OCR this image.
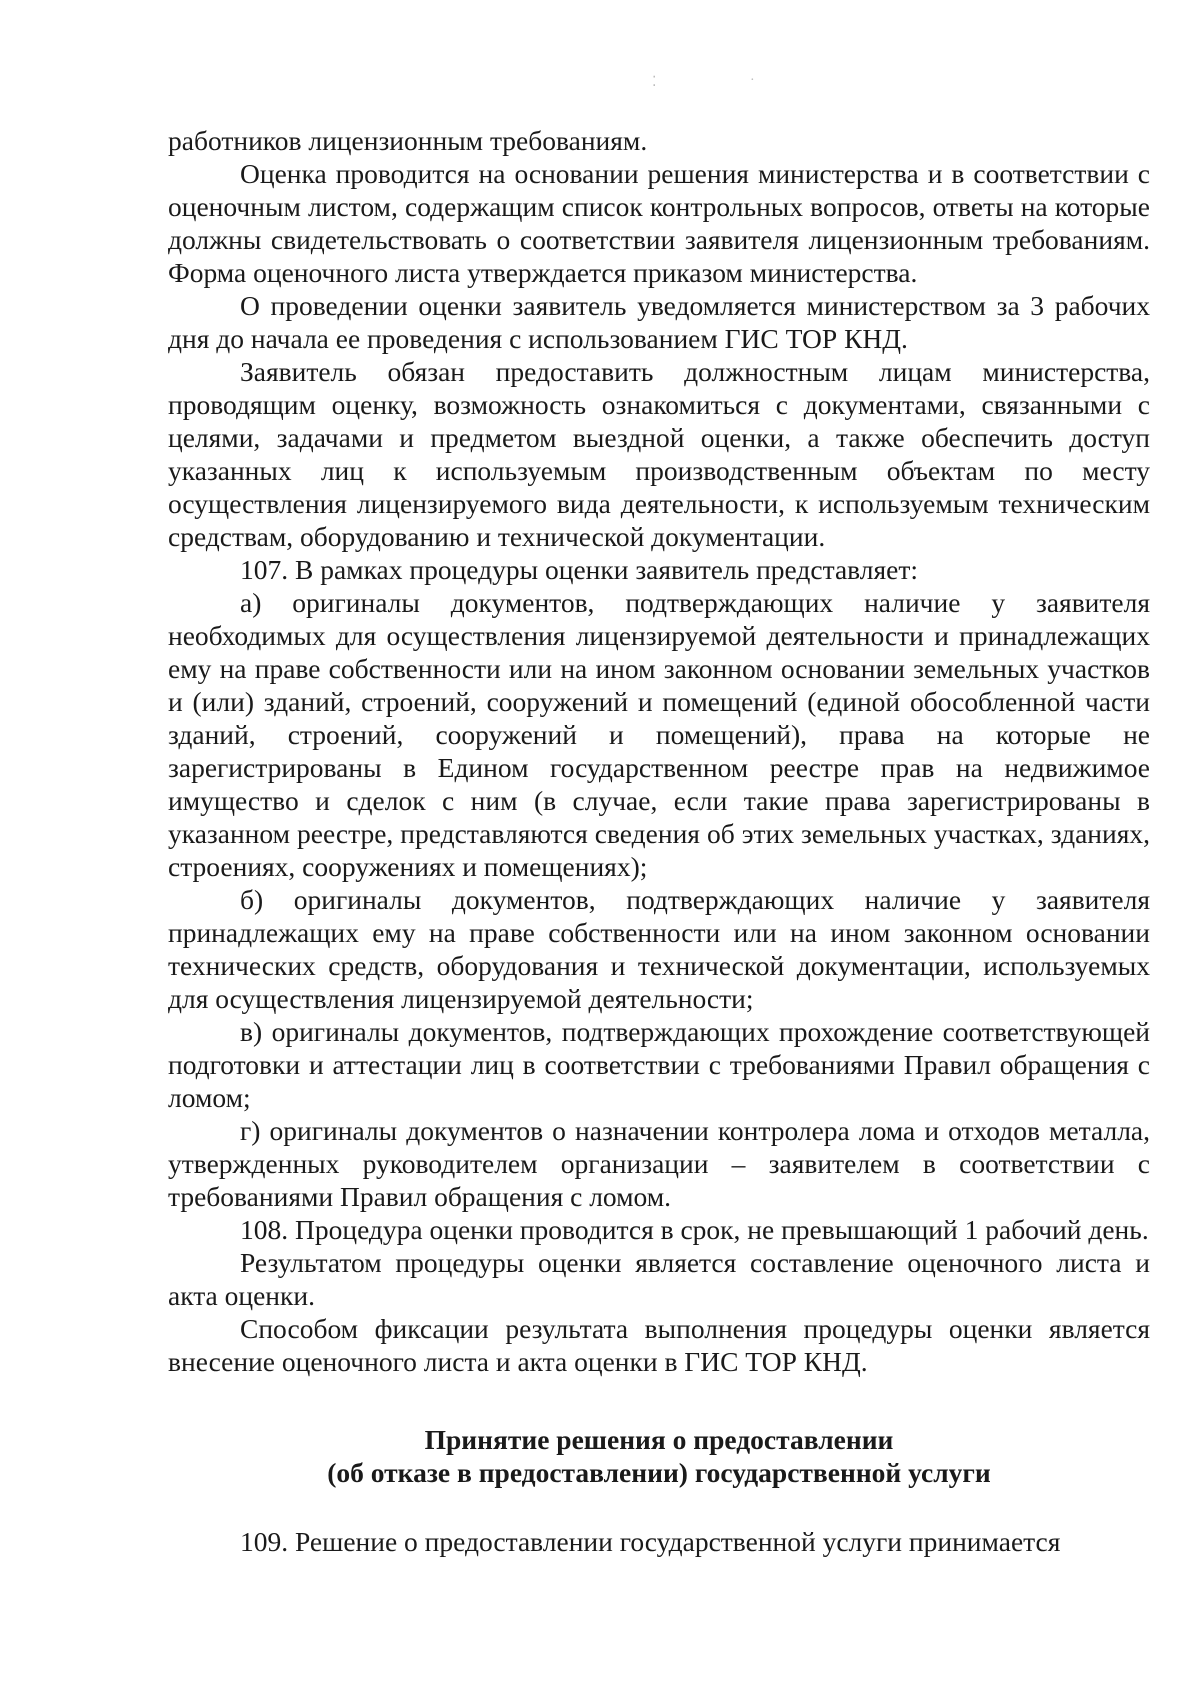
⁚	·

работников лицензионным требованиям.

Оценка проводится на основании решения министерства и в соответствии с оценочным листом, содержащим список контрольных вопросов, ответы на которые должны свидетельствовать о соответствии заявителя лицензионным требованиям. Форма оценочного листа утверждается приказом министерства.

О проведении оценки заявитель уведомляется министерством за 3 рабочих дня до начала ее проведения с использованием ГИС ТОР КНД.

Заявитель обязан предоставить должностным лицам министерства, проводящим оценку, возможность ознакомиться с документами, связанными с целями, задачами и предметом выездной оценки, а также обеспечить доступ указанных лиц к используемым производственным объектам по месту осуществления лицензируемого вида деятельности, к используемым техническим средствам, оборудованию и технической документации.

107. В рамках процедуры оценки заявитель представляет:

а) оригиналы документов, подтверждающих наличие у заявителя необходимых для осуществления лицензируемой деятельности и принадлежащих ему на праве собственности или на ином законном основании земельных участков и (или) зданий, строений, сооружений и помещений (единой обособленной части зданий, строений, сооружений и помещений), права на которые не зарегистрированы в Едином государственном реестре прав на недвижимое имущество и сделок с ним (в случае, если такие права зарегистрированы в указанном реестре, представляются сведения об этих земельных участках, зданиях, строениях, сооружениях и помещениях);

б) оригиналы документов, подтверждающих наличие у заявителя принадлежащих ему на праве собственности или на ином законном основании технических средств, оборудования и технической документации, используемых для осуществления лицензируемой деятельности;

в) оригиналы документов, подтверждающих прохождение соответствующей подготовки и аттестации лиц в соответствии с требованиями Правил обращения с ломом;

г) оригиналы документов о назначении контролера лома и отходов металла, утвержденных руководителем организации – заявителем в соответствии с требованиями Правил обращения с ломом.

108. Процедура оценки проводится в срок, не превышающий 1 рабочий день.

Результатом процедуры оценки является составление оценочного листа и акта оценки.

Способом фиксации результата выполнения процедуры оценки является внесение оценочного листа и акта оценки в ГИС ТОР КНД.

Принятие решения о предоставлении
(об отказе в предоставлении) государственной услуги

109. Решение о предоставлении государственной услуги принимается
